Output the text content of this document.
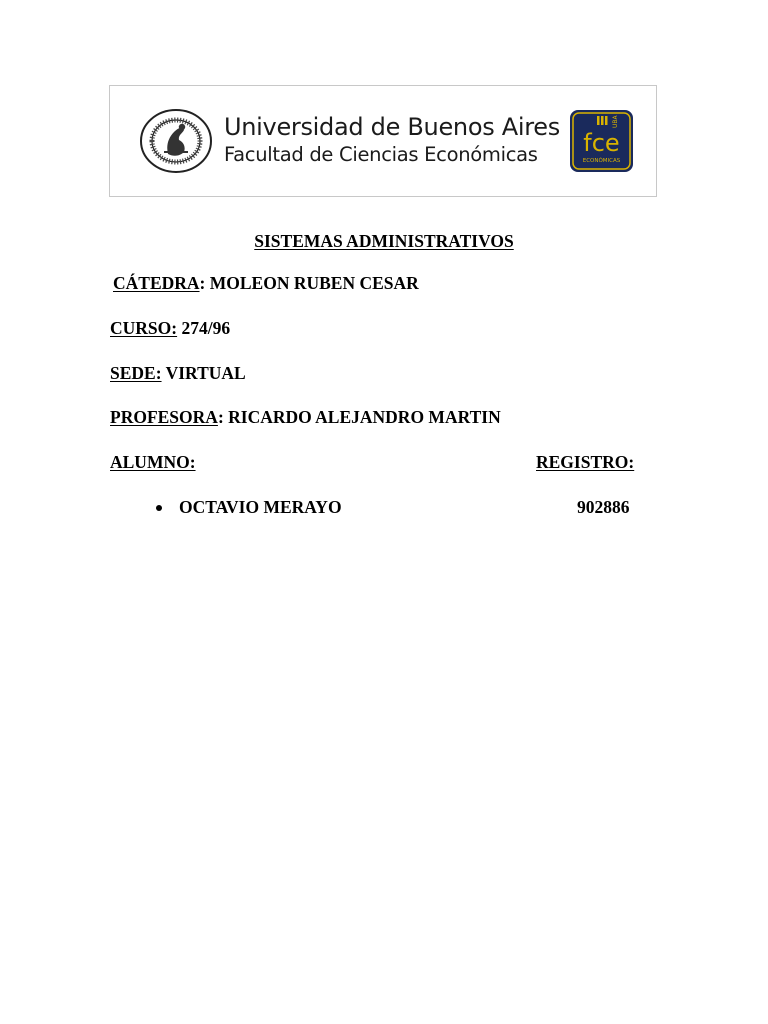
Universidad de Buenos Aires
Facultad de Ciencias Económicas
UBA
fce
ECONÓMICAS
SISTEMAS ADMINISTRATIVOS
CÁTEDRA: MOLEON RUBEN CESAR
CURSO: 274/96
SEDE: VIRTUAL
PROFESORA: RICARDO ALEJANDRO MARTIN
ALUMNO:	REGISTRO:
OCTAVIO MERAYO	902886
